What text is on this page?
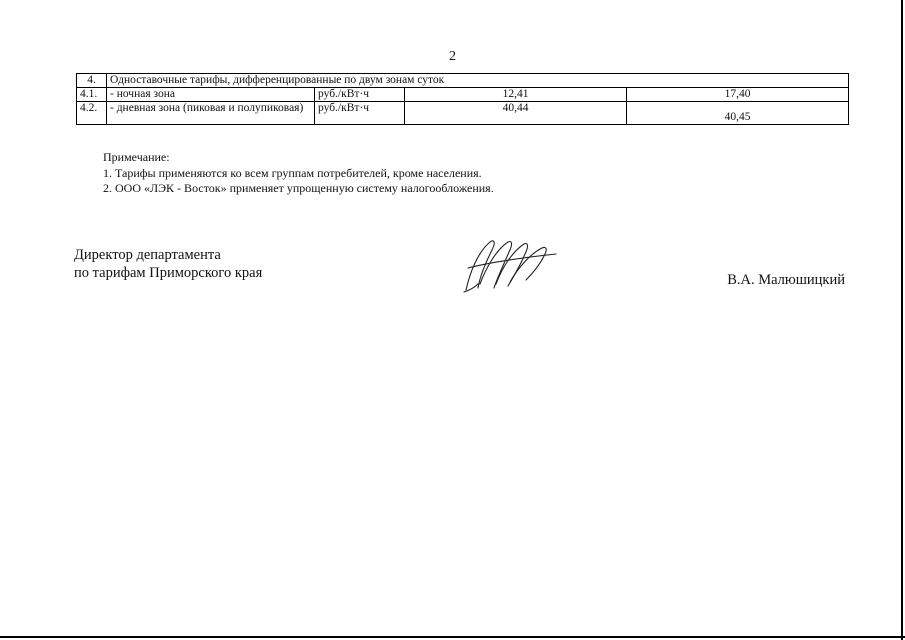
2
4.	Одноставочные тарифы, дифференцированные по двум зонам суток			
4.1.	- ночная зона	руб./кВт·ч	12,41	17,40
4.2.	- дневная зона (пиковая и полупиковая)	руб./кВт·ч	40,44	40,45
Примечание:
1. Тарифы применяются ко всем группам потребителей, кроме населения.
2. ООО «ЛЭК - Восток» применяет упрощенную систему налогообложения.
Директор департамента
по тарифам Приморского края	В.А. Малюшицкий
